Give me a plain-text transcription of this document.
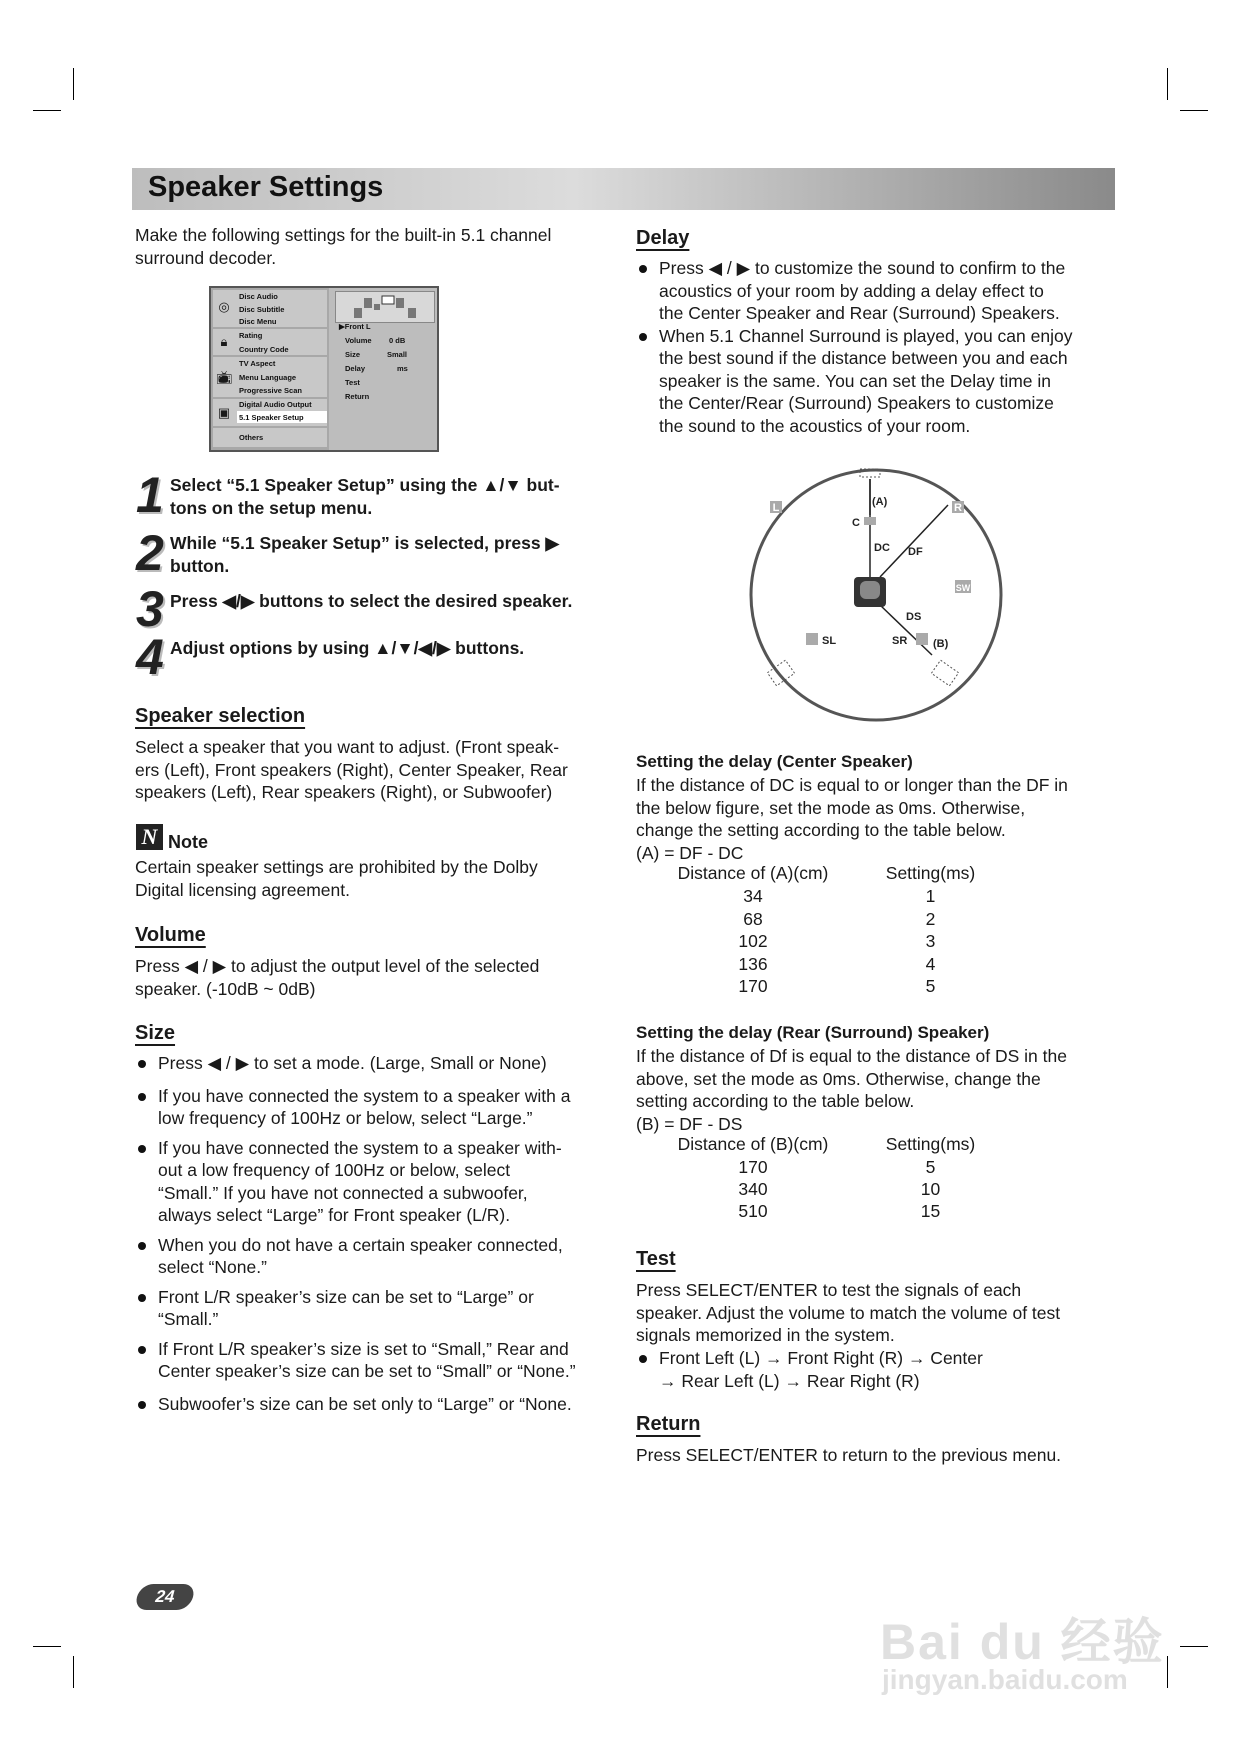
Speaker Settings
Make the following settings for the built-in 5.1 channel surround decoder.
◎
🔒︎
📺︎
▣
Disc Audio
Disc Subtitle
Disc Menu
Rating
Country Code
TV Aspect
Menu Language
Progressive Scan
Digital Audio Output
5.1 Speaker Setup
Others
▶Front L
Volume 0 dB
Size	Small
Delay	ms
Test
Return
1 Select “5.1 Speaker Setup” using the ▲/▼ but-
tons on the setup menu.
2 While “5.1 Speaker Setup” is selected, press ▶
button.
3 Press ◀/▶ buttons to select the desired speaker.
4 Adjust options by using ▲/▼/◀/▶ buttons.
Speaker selection
Select a speaker that you want to adjust. (Front speak-
ers (Left), Front speakers (Right), Center Speaker, Rear
speakers (Left), Rear speakers (Right), or Subwoofer)
N Note
Certain speaker settings are prohibited by the Dolby
Digital licensing agreement.
Volume
Press ◀ / ▶ to adjust the output level of the selected
speaker. (-10dB ~ 0dB)
Size
Press ◀ / ▶ to set a mode. (Large, Small or None)
If you have connected the system to a speaker with a
low frequency of 100Hz or below, select “Large.”
If you have connected the system to a speaker with-
out a low frequency of 100Hz or below, select
“Small.” If you have not connected a subwoofer,
always select “Large” for Front speaker (L/R).
When you do not have a certain speaker connected,
select “None.”
Front L/R speaker’s size can be set to “Large” or
“Small.”
If Front L/R speaker’s size is set to “Small,” Rear and
Center speaker’s size can be set to “Small” or “None.”
Subwoofer’s size can be set only to “Large” or “None.
Delay
Press ◀ / ▶ to customize the sound to confirm to the
acoustics of your room by adding a delay effect to
the Center Speaker and Rear (Surround) Speakers.
When 5.1 Channel Surround is played, you can enjoy
the best sound if the distance between you and each
speaker is the same. You can set the Delay time in
the Center/Rear (Surround) Speakers to customize
the sound to the acoustics of your room.
L	R
C
(A)
DC DF
DS
SW
SL	SR (B)
Setting the delay (Center Speaker)
If the distance of DC is equal to or longer than the DF in
the below figure, set the mode as 0ms. Otherwise,
change the setting according to the table below.
(A) = DF - DC
Distance of (A)(cm)	Setting(ms)
34	1
68	2
102	3
136	4
170	5
Setting the delay (Rear (Surround) Speaker)
If the distance of Df is equal to the distance of DS in the
above, set the mode as 0ms. Otherwise, change the
setting according to the table below.
(B) = DF - DS
Distance of (B)(cm)	Setting(ms)
170	5
340	10
510	15
Test
Press SELECT/ENTER to test the signals of each
speaker. Adjust the volume to match the volume of test
signals memorized in the system.
Front Left (L) → Front Right (R) → Center
→ Rear Left (L) → Rear Right (R)
Return
Press SELECT/ENTER to return to the previous menu.
24
Bai du 经验
jingyan.baidu.com
